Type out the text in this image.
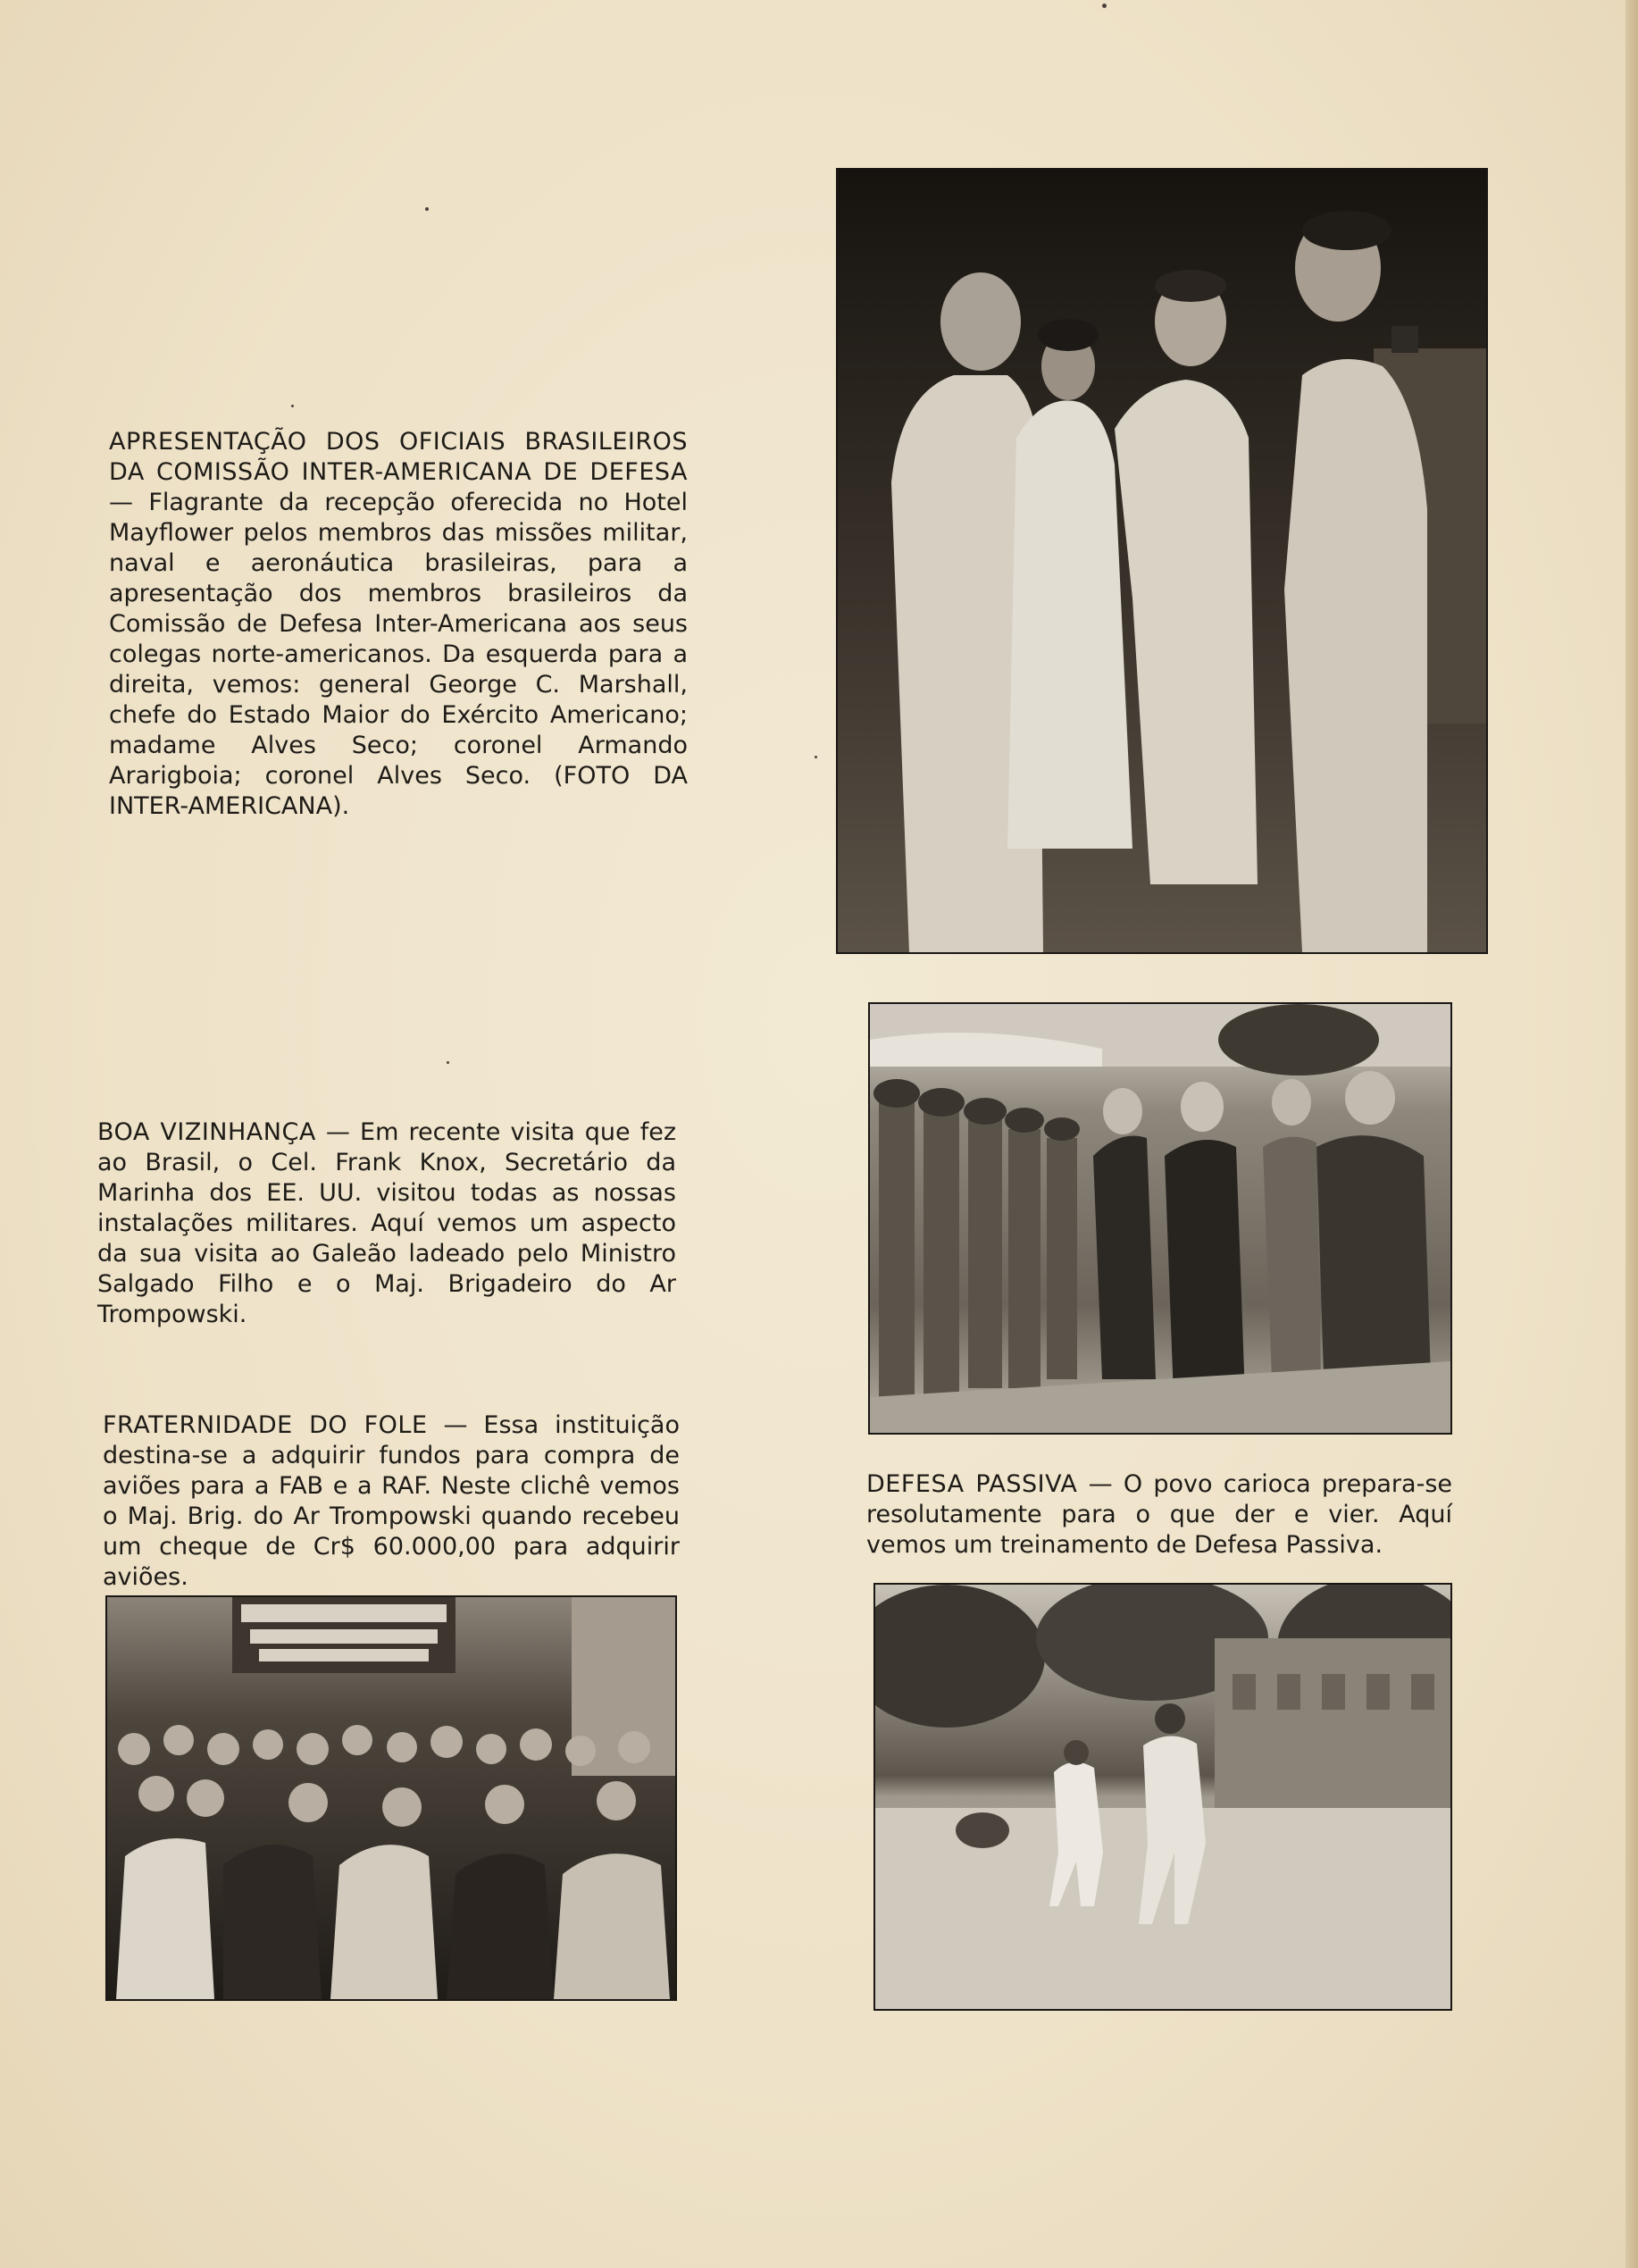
APRESENTAÇÃO DOS OFICIAIS BRASILEIROS DA COMISSÃO INTER-AMERICANA DE DEFESA — Flagrante da recepção oferecida no Hotel Mayflower pelos membros das missões militar, naval e aeronáutica brasileiras, para a apresentação dos membros brasileiros da Comissão de Defesa Inter-Americana aos seus colegas norte-americanos. Da esquerda para a direita, vemos: general George C. Marshall, chefe do Estado Maior do Exército Americano; madame Alves Seco; coronel Armando Ararigboia; coronel Alves Seco. (FOTO DA INTER-AMERICANA).

BOA VIZINHANÇA — Em recente visita que fez ao Brasil, o Cel. Frank Knox, Secretário da Marinha dos EE. UU. visitou todas as nossas instalações militares. Aquí vemos um aspecto da sua visita ao Galeão ladeado pelo Ministro Salgado Filho e o Maj. Brigadeiro do Ar Trompowski.

FRATERNIDADE DO FOLE — Essa instituição destina-se a adquirir fundos para compra de aviões para a FAB e a RAF. Neste clichê vemos o Maj. Brig. do Ar Trompowski quando recebeu um cheque de Cr$ 60.000,00 para adquirir aviões.

DEFESA PASSIVA — O povo carioca prepara-se resolutamente para o que der e vier. Aquí vemos um treinamento de Defesa Passiva.
